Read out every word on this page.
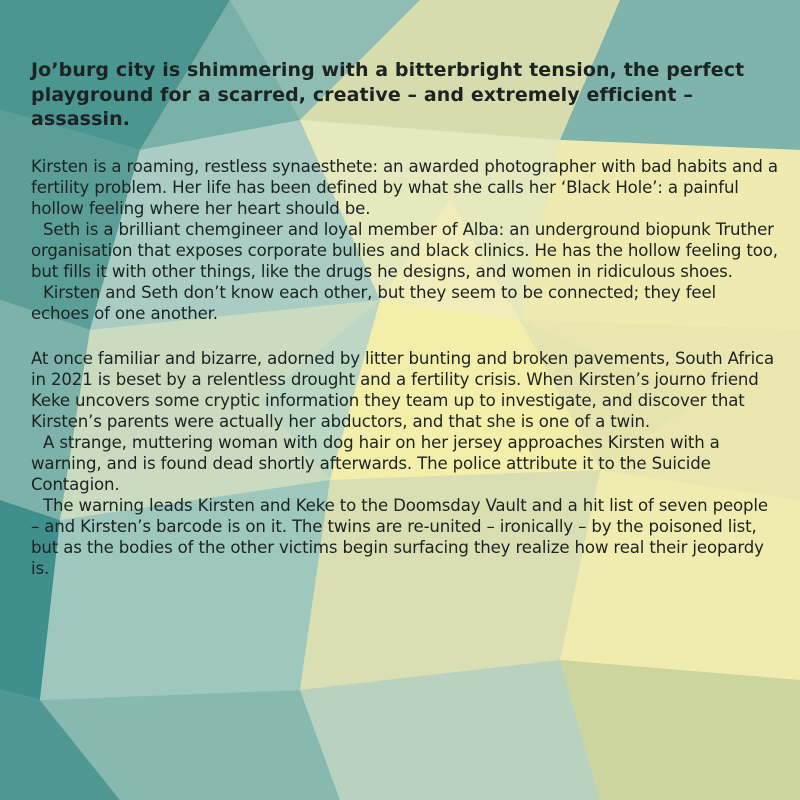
Jo’burg city is shimmering with a bitterbright tension, the perfect playground for a scarred, creative – and extremely efficient – assassin.

Kirsten is a roaming, restless synaesthete: an awarded photographer with bad habits and a fertility problem. Her life has been defined by what she calls her ‘Black Hole’: a painful hollow feeling where her heart should be.

Seth is a brilliant chemgineer and loyal member of Alba: an underground biopunk Truther organisation that exposes corporate bullies and black clinics. He has the hollow feeling too, but fills it with other things, like the drugs he designs, and women in ridiculous shoes.

Kirsten and Seth don’t know each other, but they seem to be connected; they feel echoes of one another.

At once familiar and bizarre, adorned by litter bunting and broken pavements, South Africa in 2021 is beset by a relentless drought and a fertility crisis. When Kirsten’s journo friend Keke uncovers some cryptic information they team up to investigate, and discover that Kirsten’s parents were actually her abductors, and that she is one of a twin.

A strange, muttering woman with dog hair on her jersey approaches Kirsten with a warning, and is found dead shortly afterwards. The police attribute it to the Suicide Contagion.

The warning leads Kirsten and Keke to the Doomsday Vault and a hit list of seven people – and Kirsten’s barcode is on it. The twins are re-united – ironically – by the poisoned list, but as the bodies of the other victims begin surfacing they realize how real their jeopardy is.
